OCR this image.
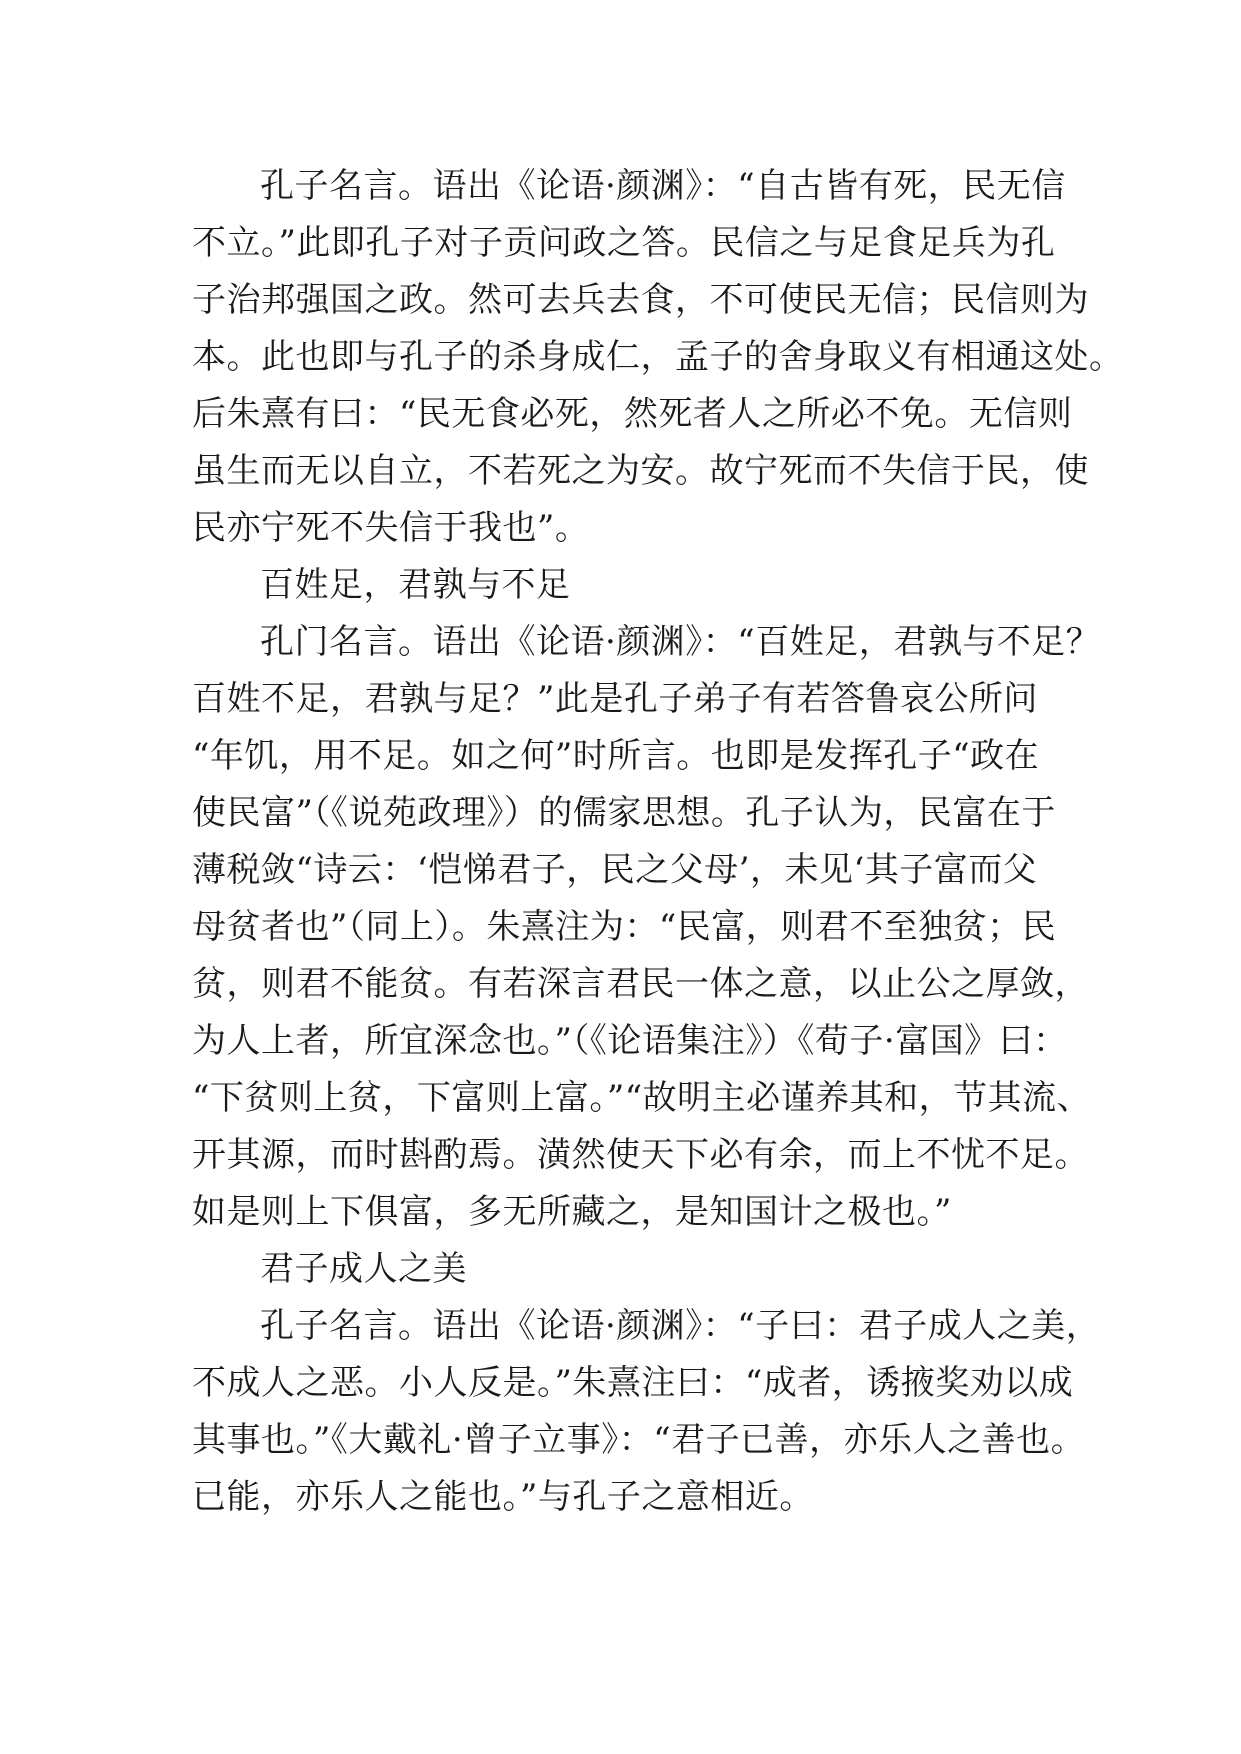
孔子名言。语出《论语·颜渊》：“自古皆有死，民无信
不立。”此即孔子对子贡问政之答。民信之与足食足兵为孔
子治邦强国之政。然可去兵去食，不可使民无信；民信则为
本。此也即与孔子的杀身成仁，孟子的舍身取义有相通这处。
后朱熹有曰：“民无食必死，然死者人之所必不免。无信则
虽生而无以自立，不若死之为安。故宁死而不失信于民，使
民亦宁死不失信于我也”。
百姓足，君孰与不足
孔门名言。语出《论语·颜渊》：“百姓足，君孰与不足？
百姓不足，君孰与足？”此是孔子弟子有若答鲁哀公所问
“年饥，用不足。如之何”时所言。也即是发挥孔子“政在
使民富”（《说苑政理》）的儒家思想。孔子认为，民富在于
薄税敛“诗云：‘恺悌君子，民之父母’，未见‘其子富而父
母贫者也”（同上）。朱熹注为：“民富，则君不至独贫；民
贫，则君不能贫。有若深言君民一体之意，以止公之厚敛，
为人上者，所宜深念也。”（《论语集注》）《荀子·富国》曰：
“下贫则上贫，下富则上富。”“故明主必谨养其和，节其流、
开其源，而时斟酌焉。潢然使天下必有余，而上不忧不足。
如是则上下俱富，多无所藏之，是知国计之极也。”
君子成人之美
孔子名言。语出《论语·颜渊》：“子曰：君子成人之美，
不成人之恶。小人反是。”朱熹注曰：“成者，诱掖奖劝以成
其事也。”《大戴礼·曾子立事》：“君子已善，亦乐人之善也。
已能，亦乐人之能也。”与孔子之意相近。
